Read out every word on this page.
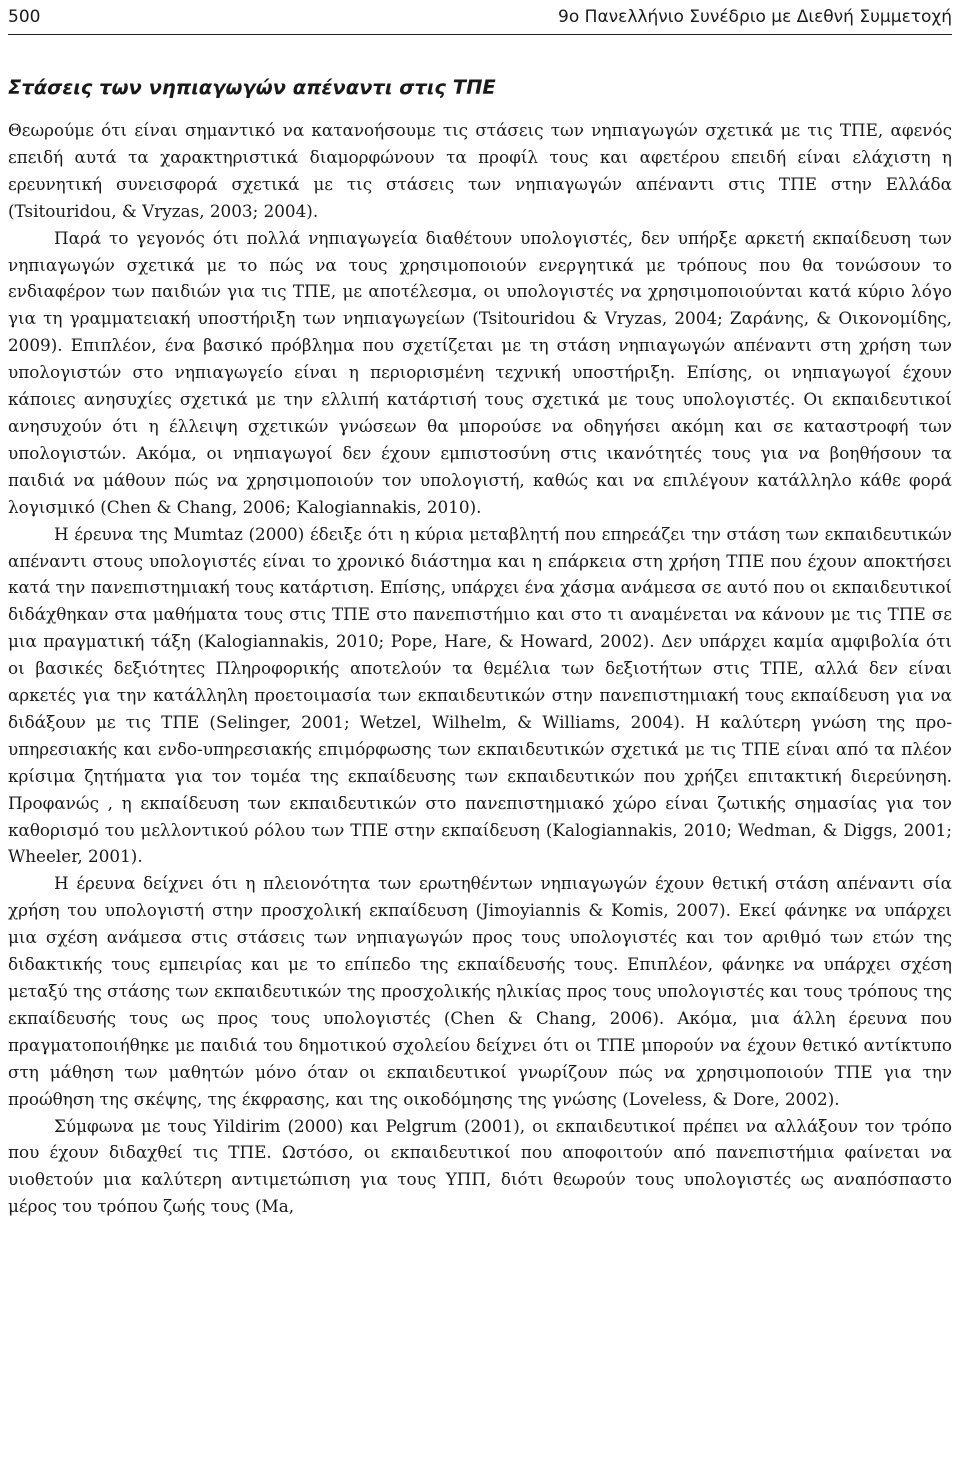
500	9ο Πανελλήνιο Συνέδριο με Διεθνή Συμμετοχή
Στάσεις των νηπιαγωγών απέναντι στις ΤΠΕ

Θεωρούμε ότι είναι σημαντικό να κατανοήσουμε τις στάσεις των νηπιαγωγών σχετικά με τις ΤΠΕ, αφενός επειδή αυτά τα χαρακτηριστικά διαμορφώνουν τα προφίλ τους και αφετέρου επειδή είναι ελάχιστη η ερευνητική συνεισφορά σχετικά με τις στάσεις των νηπιαγωγών απέναντι στις ΤΠΕ στην Ελλάδα (Tsitouridou, & Vryzas, 2003; 2004).

Παρά το γεγονός ότι πολλά νηπιαγωγεία διαθέτουν υπολογιστές, δεν υπήρξε αρκετή εκπαίδευση των νηπιαγωγών σχετικά με το πώς να τους χρησιμοποιούν ενεργητικά με τρόπους που θα τονώσουν το ενδιαφέρον των παιδιών για τις ΤΠΕ, με αποτέλεσμα, οι υπολογιστές να χρησιμοποιούνται κατά κύριο λόγο για τη γραμματειακή υποστήριξη των νηπιαγωγείων (Tsitouridou & Vryzas, 2004; Ζαράνης, & Οικονομίδης, 2009). Επιπλέον, ένα βασικό πρόβλημα που σχετίζεται με τη στάση νηπιαγωγών απέναντι στη χρήση των υπολογιστών στο νηπιαγωγείο είναι η περιορισμένη τεχνική υποστήριξη. Επίσης, οι νηπιαγωγοί έχουν κάποιες ανησυχίες σχετικά με την ελλιπή κατάρτισή τους σχετικά με τους υπολογιστές. Οι εκπαιδευτικοί ανησυχούν ότι η έλλειψη σχετικών γνώσεων θα μπορούσε να οδηγήσει ακόμη και σε καταστροφή των υπολογιστών. Ακόμα, οι νηπιαγωγοί δεν έχουν εμπιστοσύνη στις ικανότητές τους για να βοηθήσουν τα παιδιά να μάθουν πώς να χρησιμοποιούν τον υπολογιστή, καθώς και να επιλέγουν κατάλληλο κάθε φορά λογισμικό (Chen & Chang, 2006; Kalogiannakis, 2010).

Η έρευνα της Mumtaz (2000) έδειξε ότι η κύρια μεταβλητή που επηρεάζει την στάση των εκπαιδευτικών απέναντι στους υπολογιστές είναι το χρονικό διάστημα και η επάρκεια στη χρήση ΤΠΕ που έχουν αποκτήσει κατά την πανεπιστημιακή τους κατάρτιση. Επίσης, υπάρχει ένα χάσμα ανάμεσα σε αυτό που οι εκπαιδευτικοί διδάχθηκαν στα μαθήματα τους στις ΤΠΕ στο πανεπιστήμιο και στο τι αναμένεται να κάνουν με τις ΤΠΕ σε μια πραγματική τάξη (Kalogiannakis, 2010; Pope, Hare, & Howard, 2002). Δεν υπάρχει καμία αμφιβολία ότι οι βασικές δεξιότητες Πληροφορικής αποτελούν τα θεμέλια των δεξιοτήτων στις ΤΠΕ, αλλά δεν είναι αρκετές για την κατάλληλη προετοιμασία των εκπαιδευτικών στην πανεπιστημιακή τους εκπαίδευση για να διδάξουν με τις ΤΠΕ (Selinger, 2001; Wetzel, Wilhelm, & Williams, 2004). Η καλύτερη γνώση της προ-υπηρεσιακής και ενδο-υπηρεσιακής επιμόρφωσης των εκπαιδευτικών σχετικά με τις ΤΠΕ είναι από τα πλέον κρίσιμα ζητήματα για τον τομέα της εκπαίδευσης των εκπαιδευτικών που χρήζει επιτακτική διερεύνηση. Προφανώς , η εκπαίδευση των εκπαιδευτικών στο πανεπιστημιακό χώρο είναι ζωτικής σημασίας για τον καθορισμό του μελλοντικού ρόλου των ΤΠΕ στην εκπαίδευση (Kalogiannakis, 2010; Wedman, & Diggs, 2001; Wheeler, 2001).

Η έρευνα δείχνει ότι η πλειονότητα των ερωτηθέντων νηπιαγωγών έχουν θετική στάση απέναντι σία χρήση του υπολογιστή στην προσχολική εκπαίδευση (Jimoyiannis & Komis, 2007). Εκεί φάνηκε να υπάρχει μια σχέση ανάμεσα στις στάσεις των νηπιαγωγών προς τους υπολογιστές και τον αριθμό των ετών της διδακτικής τους εμπειρίας και με το επίπεδο της εκπαίδευσής τους. Επιπλέον, φάνηκε να υπάρχει σχέση μεταξύ της στάσης των εκπαιδευτικών της προσχολικής ηλικίας προς τους υπολογιστές και τους τρόπους της εκπαίδευσής τους ως προς τους υπολογιστές (Chen & Chang, 2006). Ακόμα, μια άλλη έρευνα που πραγματοποιήθηκε με παιδιά του δημοτικού σχολείου δείχνει ότι οι ΤΠΕ μπορούν να έχουν θετικό αντίκτυπο στη μάθηση των μαθητών μόνο όταν οι εκπαιδευτικοί γνωρίζουν πώς να χρησιμοποιούν ΤΠΕ για την προώθηση της σκέψης, της έκφρασης, και της οικοδόμησης της γνώσης (Loveless, & Dore, 2002).

Σύμφωνα με τους Yildirim (2000) και Pelgrum (2001), οι εκπαιδευτικοί πρέπει να αλλάξουν τον τρόπο που έχουν διδαχθεί τις ΤΠΕ. Ωστόσο, οι εκπαιδευτικοί που αποφοιτούν από πανεπιστήμια φαίνεται να υιοθετούν μια καλύτερη αντιμετώπιση για τους ΥΠΠ, διότι θεωρούν τους υπολογιστές ως αναπόσπαστο μέρος του τρόπου ζωής τους (Ma,
